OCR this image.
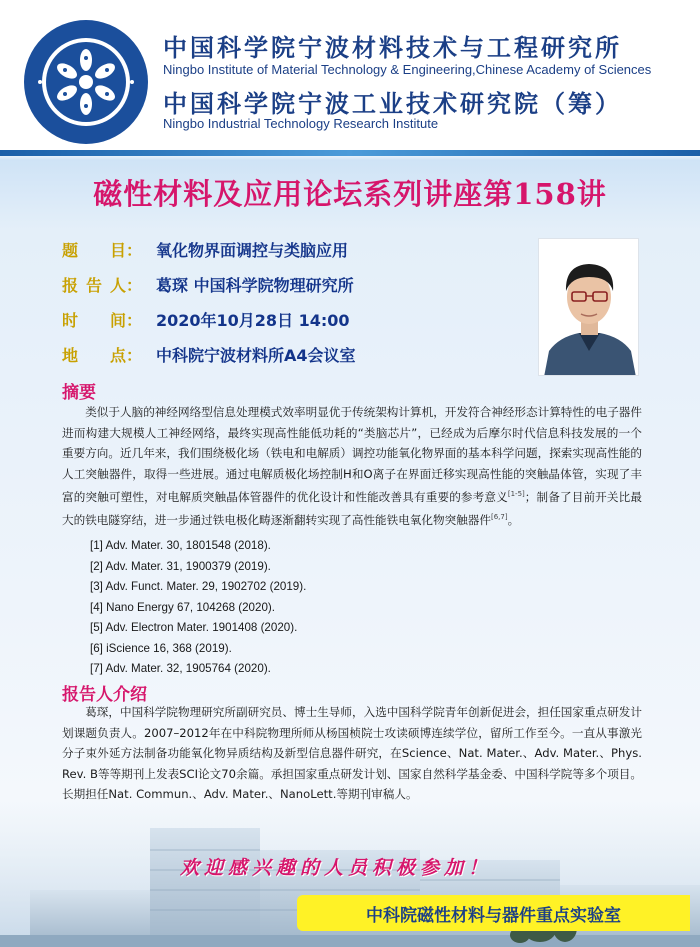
中国科学院宁波材料技术与工程研究所
Ningbo Institute of Material Technology & Engineering,Chinese Academy of Sciences
中国科学院宁波工业技术研究院（筹）
Ningbo Industrial Technology Research Institute
磁性材料及应用论坛系列讲座第158讲
题 目： 氧化物界面调控与类脑应用
报 告 人： 葛琛 中国科学院物理研究所
时 间： 2020年10月28日 14:00
地 点： 中科院宁波材料所A4会议室
摘要
类似于人脑的神经网络型信息处理模式效率明显优于传统架构计算机，开发符合神经形态计算特性的电子器件进而构建大规模人工神经网络，最终实现高性能低功耗的“类脑芯片”，已经成为后摩尔时代信息科技发展的一个重要方向。近几年来，我们围绕极化场（铁电和电解质）调控功能氧化物界面的基本科学问题，探索实现高性能的人工突触器件，取得一些进展。通过电解质极化场控制H和O离子在界面迁移实现高性能的突触晶体管，实现了丰富的突触可塑性，对电解质突触晶体管器件的优化设计和性能改善具有重要的参考意义[1-5]；制备了目前开关比最大的铁电隧穿结，进一步通过铁电极化畴逐渐翻转实现了高性能铁电氧化物突触器件[6,7]。
[1] Adv. Mater. 30, 1801548 (2018).
[2] Adv. Mater. 31, 1900379 (2019).
[3] Adv. Funct. Mater. 29, 1902702 (2019).
[4] Nano Energy 67, 104268 (2020).
[5] Adv. Electron Mater. 1901408 (2020).
[6] iScience 16, 368 (2019).
[7] Adv. Mater. 32, 1905764 (2020).
报告人介绍
葛琛，中国科学院物理研究所副研究员、博士生导师，入选中国科学院青年创新促进会，担任国家重点研发计划课题负责人。2007–2012年在中科院物理所师从杨国桢院士攻读硕博连续学位，留所工作至今。一直从事激光分子束外延方法制备功能氧化物异质结构及新型信息器件研究，在Science、Nat. Mater.、Adv. Mater.、Phys. Rev. B等等期刊上发表SCI论文70余篇。承担国家重点研发计划、国家自然科学基金委、中国科学院等多个项目。
欢迎感兴趣的人员积极参加！
中科院磁性材料与器件重点实验室
